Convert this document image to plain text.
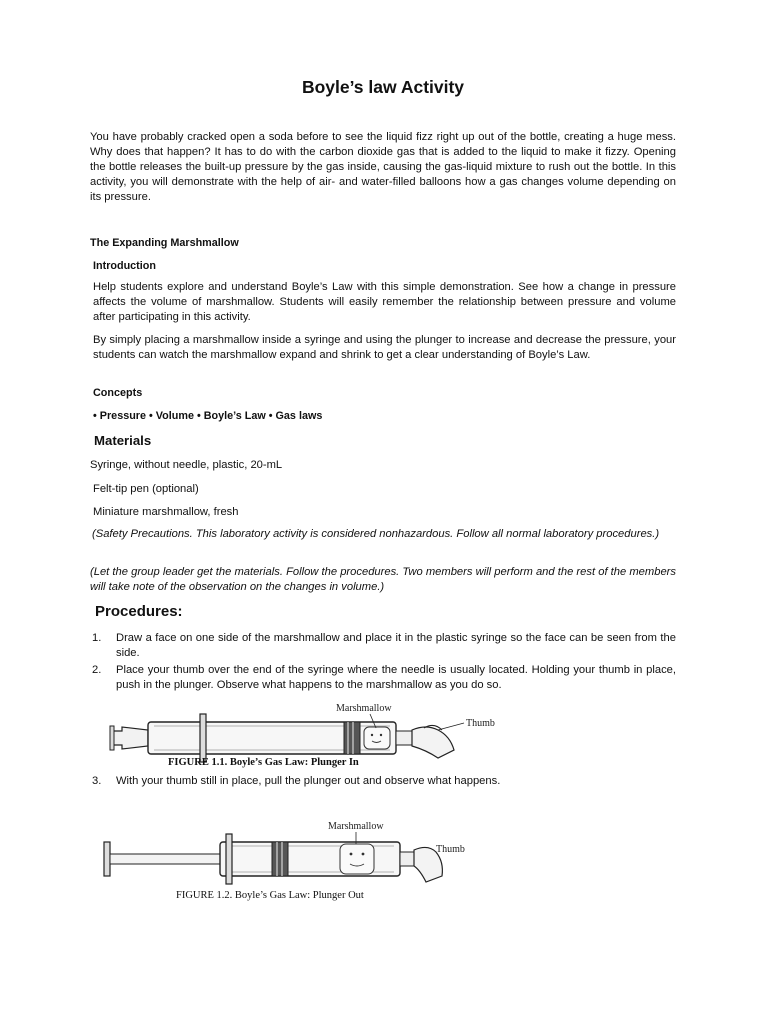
Boyle’s law Activity

You have probably cracked open a soda before to see the liquid fizz right up out of the bottle, creating a huge mess. Why does that happen? It has to do with the carbon dioxide gas that is added to the liquid to make it fizzy. Opening the bottle releases the built-up pressure by the gas inside, causing the gas-liquid mixture to rush out the bottle. In this activity, you will demonstrate with the help of air- and water-filled balloons how a gas changes volume depending on its pressure.

The Expanding Marshmallow
Introduction

Help students explore and understand Boyle’s Law with this simple demonstration. See how a change in pressure affects the volume of marshmallow. Students will easily remember the relationship between pressure and volume after participating in this activity.

By simply placing a marshmallow inside a syringe and using the plunger to increase and decrease the pressure, your students can watch the marshmallow expand and shrink to get a clear understanding of Boyle’s Law.

Concepts
• Pressure • Volume • Boyle’s Law • Gas laws
Materials
Syringe, without needle, plastic, 20-mL
Felt-tip pen (optional)
Miniature marshmallow, fresh

(Safety Precautions. This laboratory activity is considered nonhazardous. Follow all normal laboratory procedures.)

(Let the group leader get the materials. Follow the procedures. Two members will perform and the rest of the members will take note of the observation on the changes in volume.)

Procedures:
1. Draw a face on one side of the marshmallow and place it in the plastic syringe so the face can be seen from the side.
2. Place your thumb over the end of the syringe where the needle is usually located. Holding your thumb in place, push in the plunger. Observe what happens to the marshmallow as you do so.
3. With your thumb still in place, pull the plunger out and observe what happens.
Marshmallow
Thumb
FIGURE 1.1. Boyle’s Gas Law: Plunger In
Marshmallow
Thumb
FIGURE 1.2. Boyle’s Gas Law: Plunger Out
